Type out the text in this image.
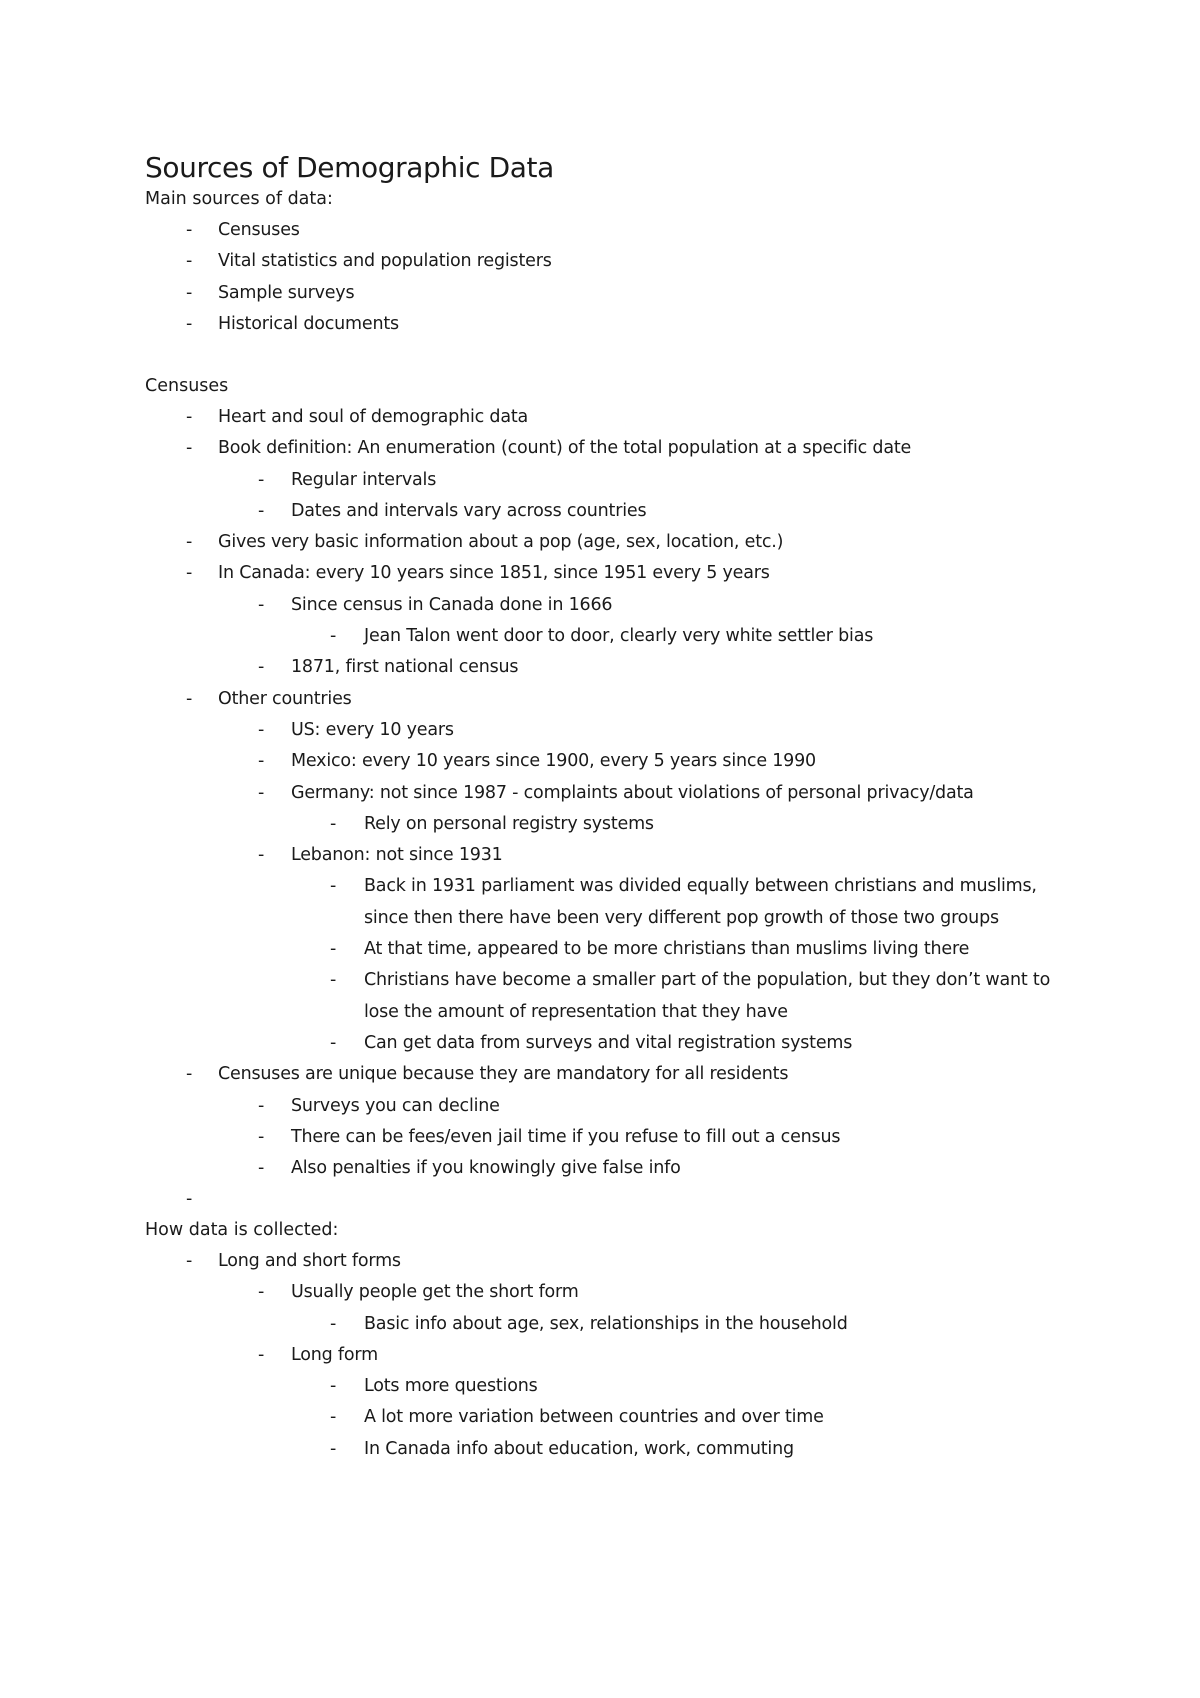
Sources of Demographic Data
Main sources of data:
- Censuses
- Vital statistics and population registers
- Sample surveys
- Historical documents
Censuses
- Heart and soul of demographic data
- Book definition: An enumeration (count) of the total population at a specific date
- Regular intervals
- Dates and intervals vary across countries
- Gives very basic information about a pop (age, sex, location, etc.)
- In Canada: every 10 years since 1851, since 1951 every 5 years
- Since census in Canada done in 1666
- Jean Talon went door to door, clearly very white settler bias
- 1871, first national census
- Other countries
- US: every 10 years
- Mexico: every 10 years since 1900, every 5 years since 1990
- Germany: not since 1987 - complaints about violations of personal privacy/data
- Rely on personal registry systems
- Lebanon: not since 1931
- Back in 1931 parliament was divided equally between christians and muslims, since then there have been very different pop growth of those two groups
- At that time, appeared to be more christians than muslims living there
- Christians have become a smaller part of the population, but they don’t want to lose the amount of representation that they have
- Can get data from surveys and vital registration systems
- Censuses are unique because they are mandatory for all residents
- Surveys you can decline
- There can be fees/even jail time if you refuse to fill out a census
- Also penalties if you knowingly give false info
-

How data is collected:
- Long and short forms
- Usually people get the short form
- Basic info about age, sex, relationships in the household
- Long form
- Lots more questions
- A lot more variation between countries and over time
- In Canada info about education, work, commuting
